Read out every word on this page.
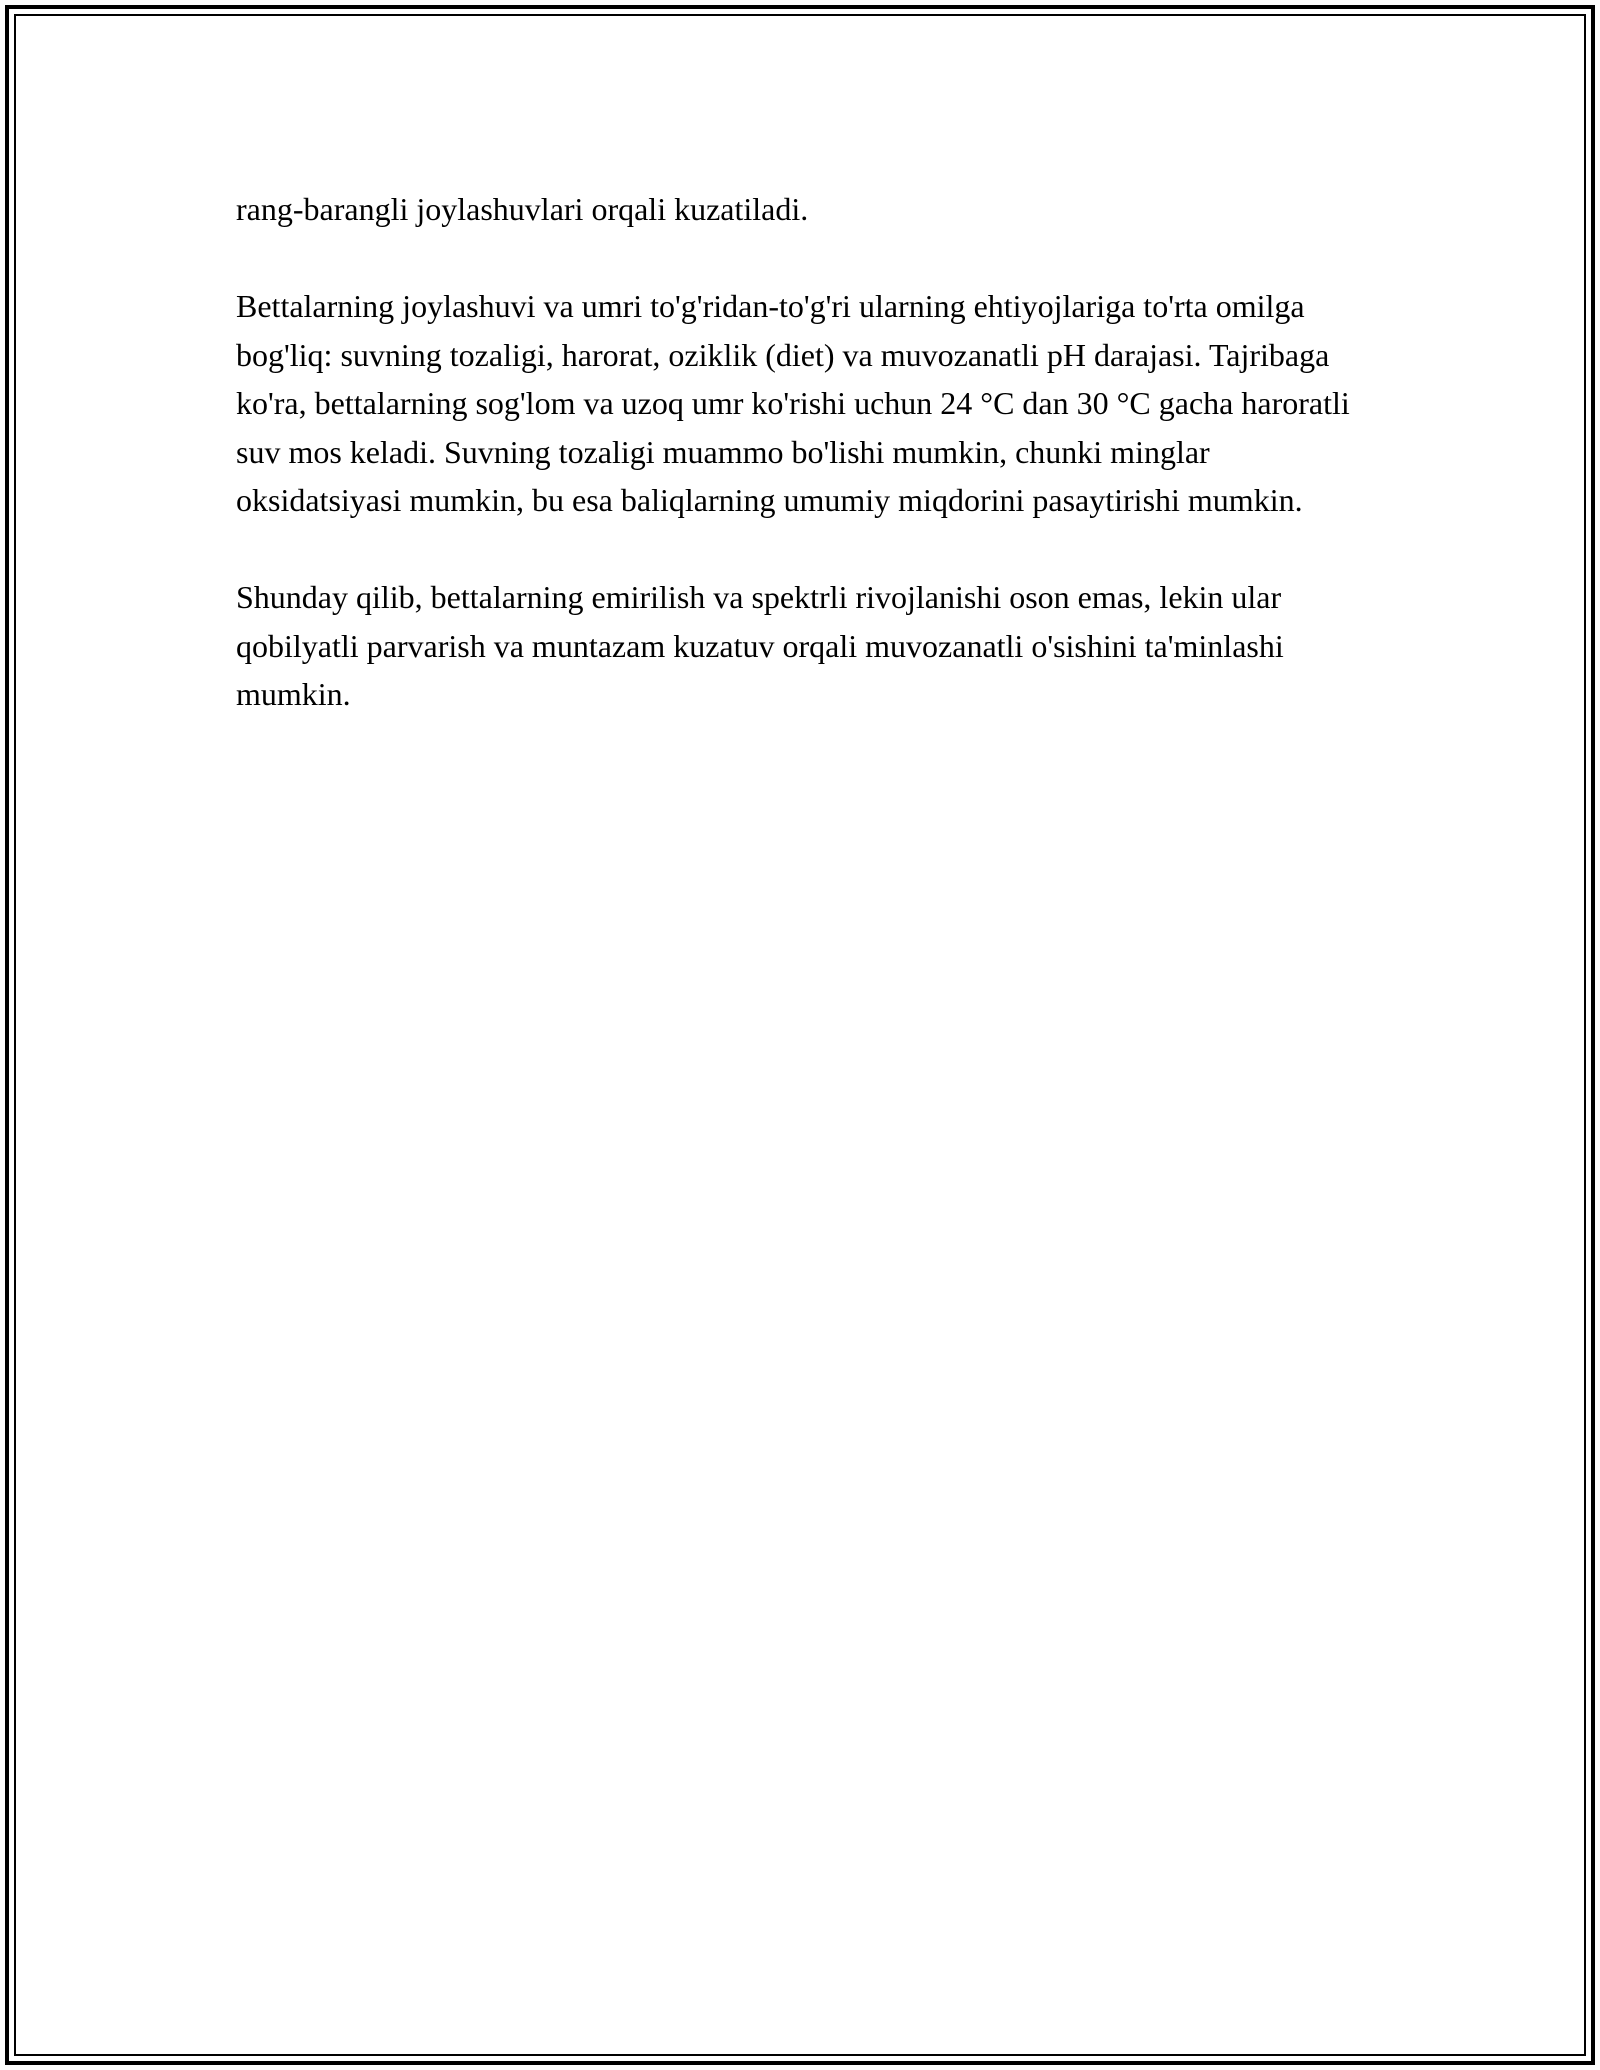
rang-barangli joylashuvlari orqali kuzatiladi.

Bettalarning joylashuvi va umri to'g'ridan-to'g'ri ularning ehtiyojlariga to'rta omilga bog'liq: suvning tozaligi, harorat, oziklik (diet) va muvozanatli pH darajasi. Tajribaga ko'ra, bettalarning sog'lom va uzoq umr ko'rishi uchun 24 °C dan 30 °C gacha haroratli suv mos keladi. Suvning tozaligi muammo bo'lishi mumkin, chunki minglar oksidatsiyasi mumkin, bu esa baliqlarning umumiy miqdorini pasaytirishi mumkin.

Shunday qilib, bettalarning emirilish va spektrli rivojlanishi oson emas, lekin ular qobilyatli parvarish va muntazam kuzatuv orqali muvozanatli o'sishini ta'minlashi mumkin.
